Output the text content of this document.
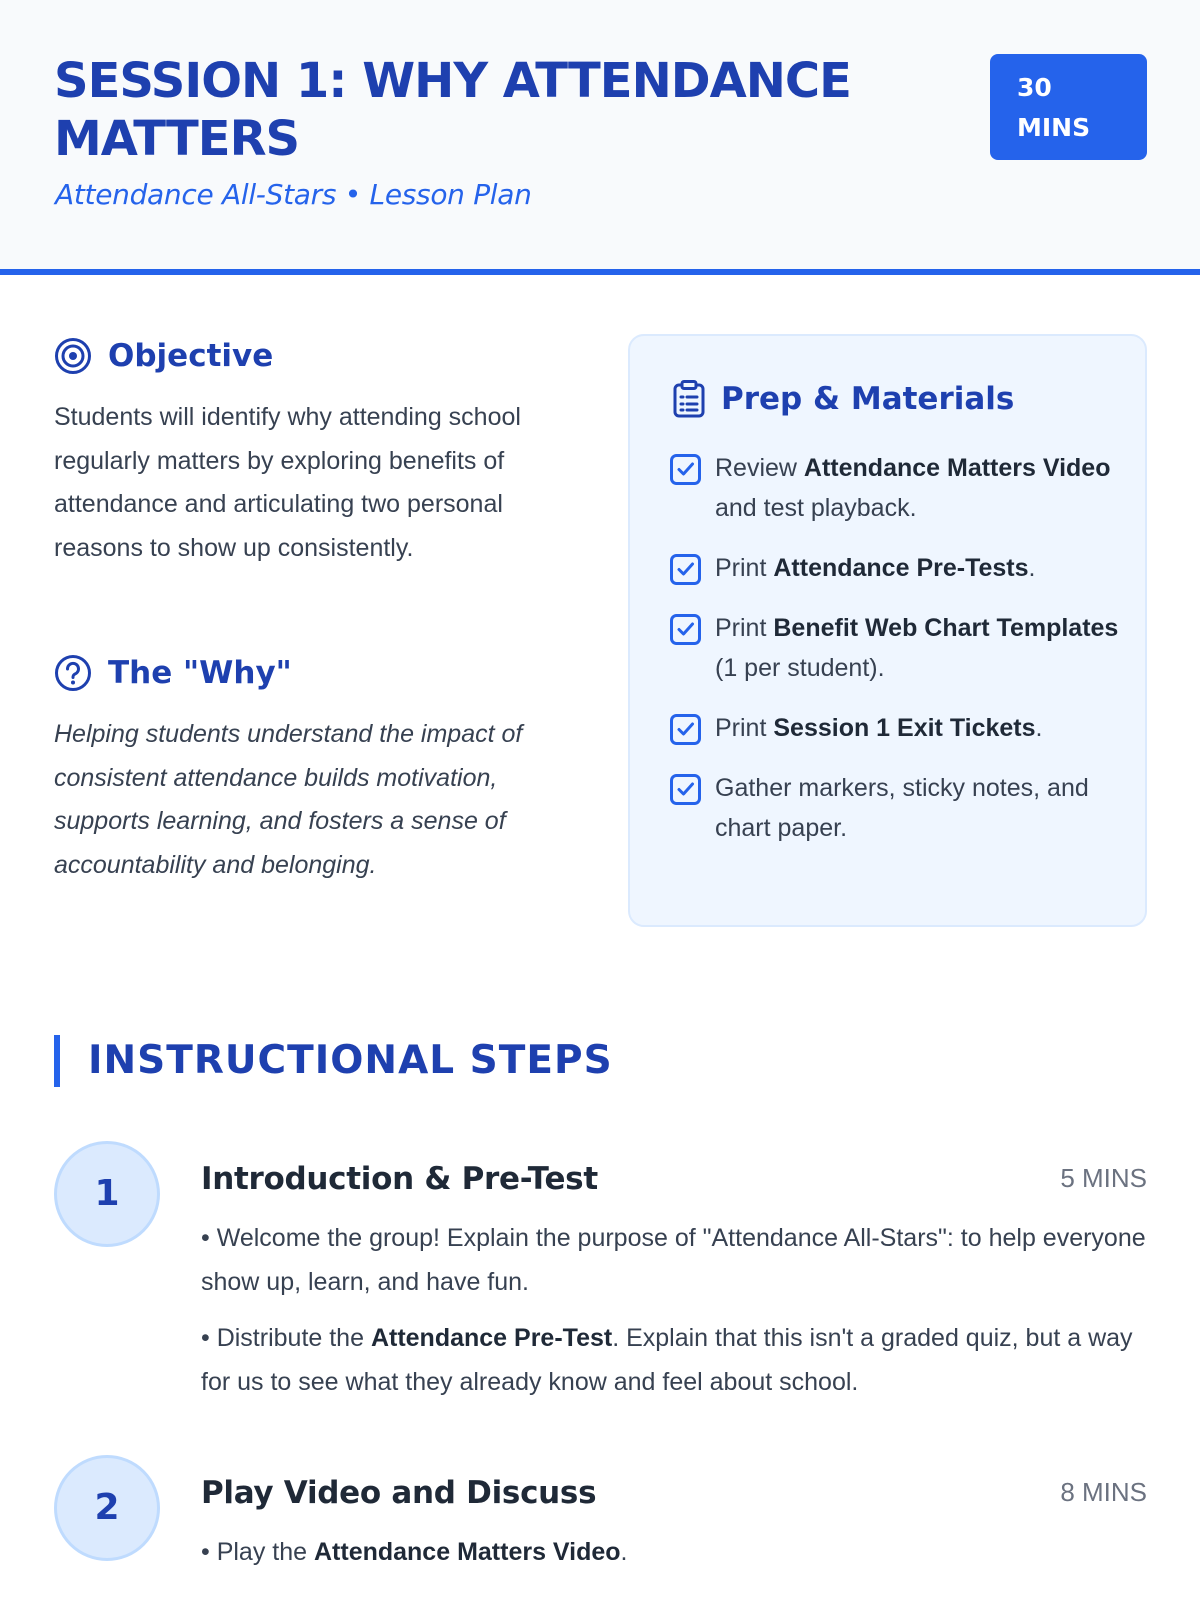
SESSION 1: WHY ATTENDANCE MATTERS
Attendance All-Stars • Lesson Plan
30
MINS
Objective

Students will identify why attending school regularly matters by exploring benefits of attendance and articulating two personal reasons to show up consistently.

The "Why"

Helping students understand the impact of consistent attendance builds motivation, supports learning, and fosters a sense of accountability and belonging.

Prep & Materials
Review Attendance Matters Video and test playback.
Print Attendance Pre-Tests.
Print Benefit Web Chart Templates (1 per student).
Print Session 1 Exit Tickets.
Gather markers, sticky notes, and chart paper.
INSTRUCTIONAL STEPS
1	Introduction & Pre-Test	5 MINS

• Welcome the group! Explain the purpose of "Attendance All-Stars": to help everyone show up, learn, and have fun.

• Distribute the Attendance Pre-Test. Explain that this isn't a graded quiz, but a way for us to see what they already know and feel about school.

2	Play Video and Discuss	8 MINS

• Play the Attendance Matters Video.
